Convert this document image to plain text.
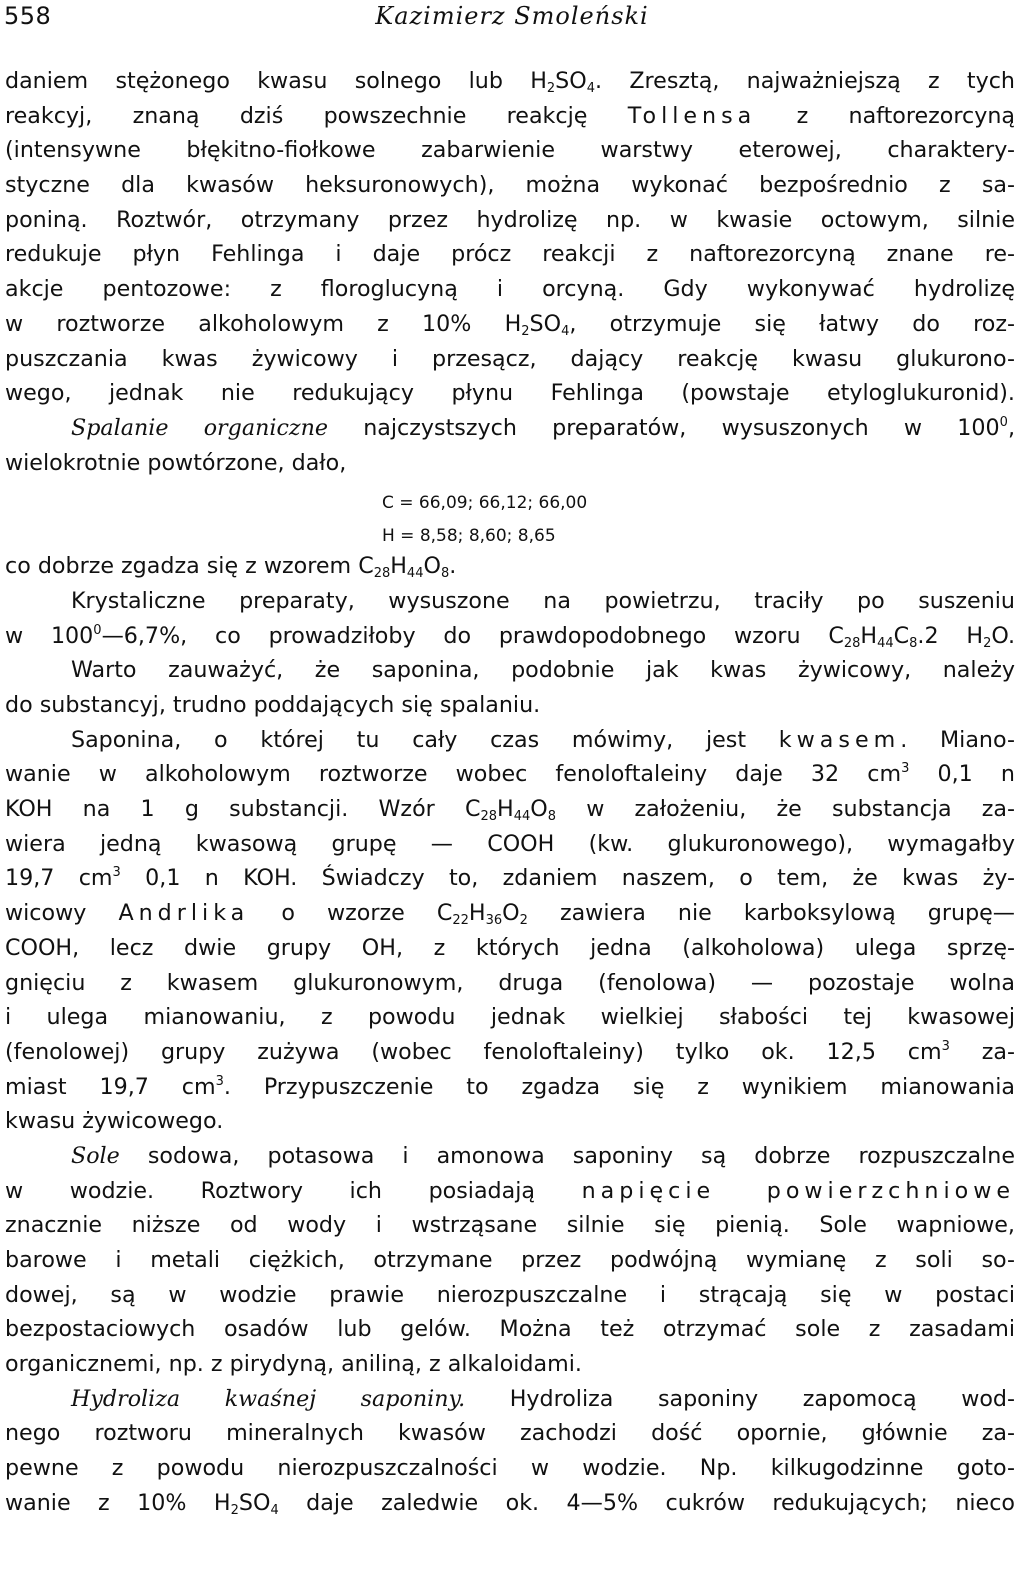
558	Kazimierz Smoleński
daniem stężonego kwasu solnego lub $H_2SO_4$. Zresztą, najważniejszą z tych
reakcyj, znaną dziś powszechnie reakcję Tollensa z naftorezorcyną
(intensywne błękitno-fiołkowe zabarwienie warstwy eterowej, charaktery-
styczne dla kwasów heksuronowych), można wykonać bezpośrednio z sa-
poniną. Roztwór, otrzymany przez hydrolizę np. w kwasie octowym, silnie
redukuje płyn Fehlinga i daje prócz reakcji z naftorezorcyną znane re-
akcje pentozowe: z floroglucyną i orcyną. Gdy wykonywać hydrolizę
w roztworze alkoholowym z 10% $H_2SO_4$, otrzymuje się łatwy do roz-
puszczania kwas żywicowy i przesącz, dający reakcję kwasu glukurono-
wego, jednak nie redukujący płynu Fehlinga (powstaje etyloglukuronid).
Spalanie organiczne najczystszych preparatów, wysuszonych w $100^0$,
wielokrotnie powtórzone, dało,
C = 66,09; 66,12; 66,00
H = 8,58; 8,60; 8,65
co dobrze zgadza się z wzorem $C_{28}H_{44}O_8$.
Krystaliczne preparaty, wysuszone na powietrzu, traciły po suszeniu
w $100^0—6,7\%$, co prowadziłoby do prawdopodobnego wzoru $C_{28}H_{44}C_8.2$ $H_2O$.
Warto zauważyć, że saponina, podobnie jak kwas żywicowy, należy
do substancyj, trudno poddających się spalaniu.
Saponina, o której tu cały czas mówimy, jest kwasem. Miano-
wanie w alkoholowym roztworze wobec fenoloftaleiny daje 32 $cm^3$ 0,1 n
KOH na 1 g substancji. Wzór $C_{28}H_{44}O_8$ w założeniu, że substancja za-
wiera jedną kwasową grupę — COOH (kw. glukuronowego), wymagałby
19,7 $cm^3$ 0,1 n KOH. Świadczy to, zdaniem naszem, o tem, że kwas ży-
wicowy Andrlika o wzorze $C_{22}H_{36}O_2$ zawiera nie karboksylową grupę—
COOH, lecz dwie grupy OH, z których jedna (alkoholowa) ulega sprzę-
gnięciu z kwasem glukuronowym, druga (fenolowa) — pozostaje wolna
i ulega mianowaniu, z powodu jednak wielkiej słabości tej kwasowej
(fenolowej) grupy zużywa (wobec fenoloftaleiny) tylko ok. 12,5 $cm^3$ za-
miast 19,7 $cm^3$. Przypuszczenie to zgadza się z wynikiem mianowania
kwasu żywicowego.
Sole sodowa, potasowa i amonowa saponiny są dobrze rozpuszczalne
w wodzie. Roztwory ich posiadają napięcie powierzchniowe
znacznie niższe od wody i wstrząsane silnie się pienią. Sole wapniowe,
barowe i metali ciężkich, otrzymane przez podwójną wymianę z soli so-
dowej, są w wodzie prawie nierozpuszczalne i strącają się w postaci
bezpostaciowych osadów lub gelów. Można też otrzymać sole z zasadami
organicznemi, np. z pirydyną, aniliną, z alkaloidami.
Hydroliza kwaśnej saponiny. Hydroliza saponiny zapomocą wod-
nego roztworu mineralnych kwasów zachodzi dość opornie, głównie za-
pewne z powodu nierozpuszczalności w wodzie. Np. kilkugodzinne goto-
wanie z 10% $H_2SO_4$ daje zaledwie ok. 4—5% cukrów redukujących; nieco
